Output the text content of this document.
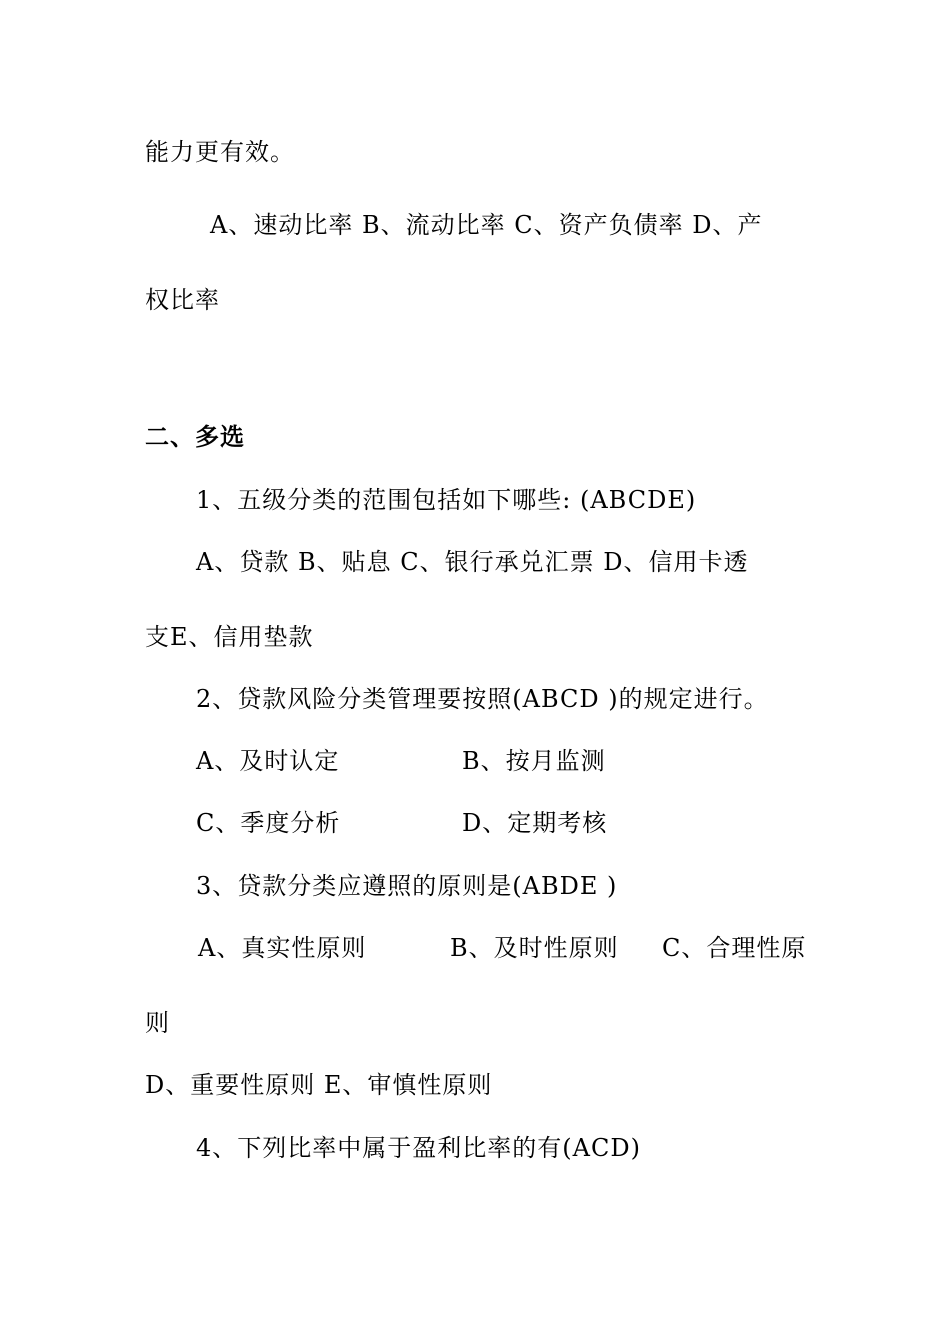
能力更有效。
A、速动比率 B、流动比率 C、资产负债率 D、产
权比率
二、多选
1、五级分类的范围包括如下哪些: (ABCDE)
A、贷款 B、贴息 C、银行承兑汇票 D、信用卡透
支E、信用垫款
2、贷款风险分类管理要按照(ABCD )的规定进行。
A、及时认定	B、按月监测
C、季度分析	D、定期考核
3、贷款分类应遵照的原则是(ABDE )
A、真实性原则	B、及时性原则 C、合理性原
则
D、重要性原则 E、审慎性原则
4、下列比率中属于盈利比率的有(ACD)
